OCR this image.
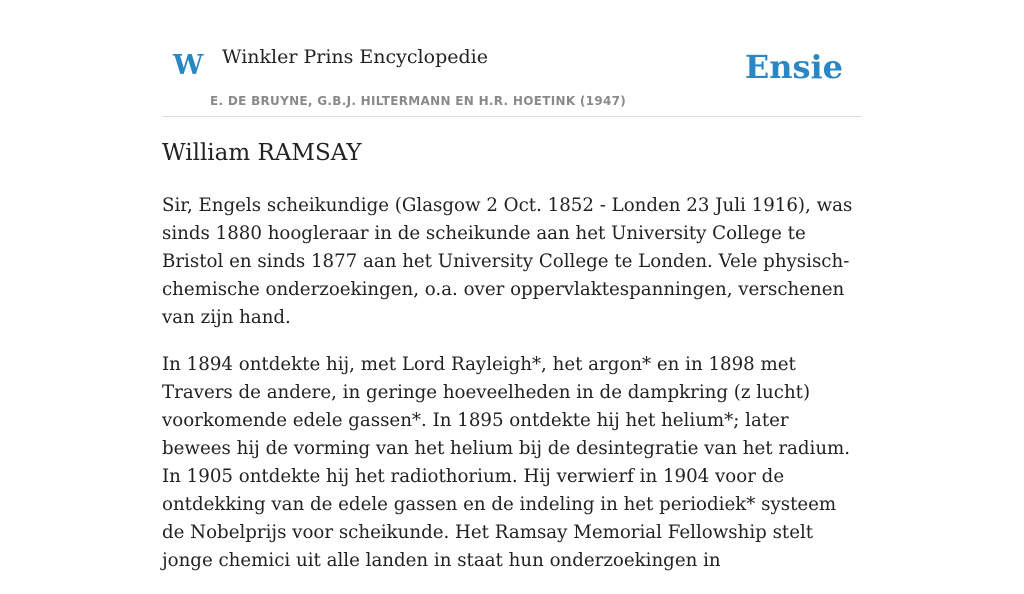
W Winkler Prins Encyclopedie
E. DE BRUYNE, G.B.J. HILTERMANN EN H.R. HOETINK (1947)
Ensie
William RAMSAY

Sir, Engels scheikundige (Glasgow 2 Oct. 1852 - Londen 23 Juli 1916), was sinds 1880 hoogleraar in de scheikunde aan het University College te Bristol en sinds 1877 aan het University College te Londen. Vele physisch-chemische onderzoekingen, o.a. over oppervlaktespanningen, verschenen van zijn hand.

In 1894 ontdekte hij, met Lord Rayleigh*, het argon* en in 1898 met Travers de andere, in geringe hoeveelheden in de dampkring (z lucht) voorkomende edele gassen*. In 1895 ontdekte hij het helium*; later bewees hij de vorming van het helium bij de desintegratie van het radium. In 1905 ontdekte hij het radiothorium. Hij verwierf in 1904 voor de ontdekking van de edele gassen en de indeling in het periodiek* systeem de Nobelprijs voor scheikunde. Het Ramsay Memorial Fellowship stelt jonge chemici uit alle landen in staat hun onderzoekingen in
